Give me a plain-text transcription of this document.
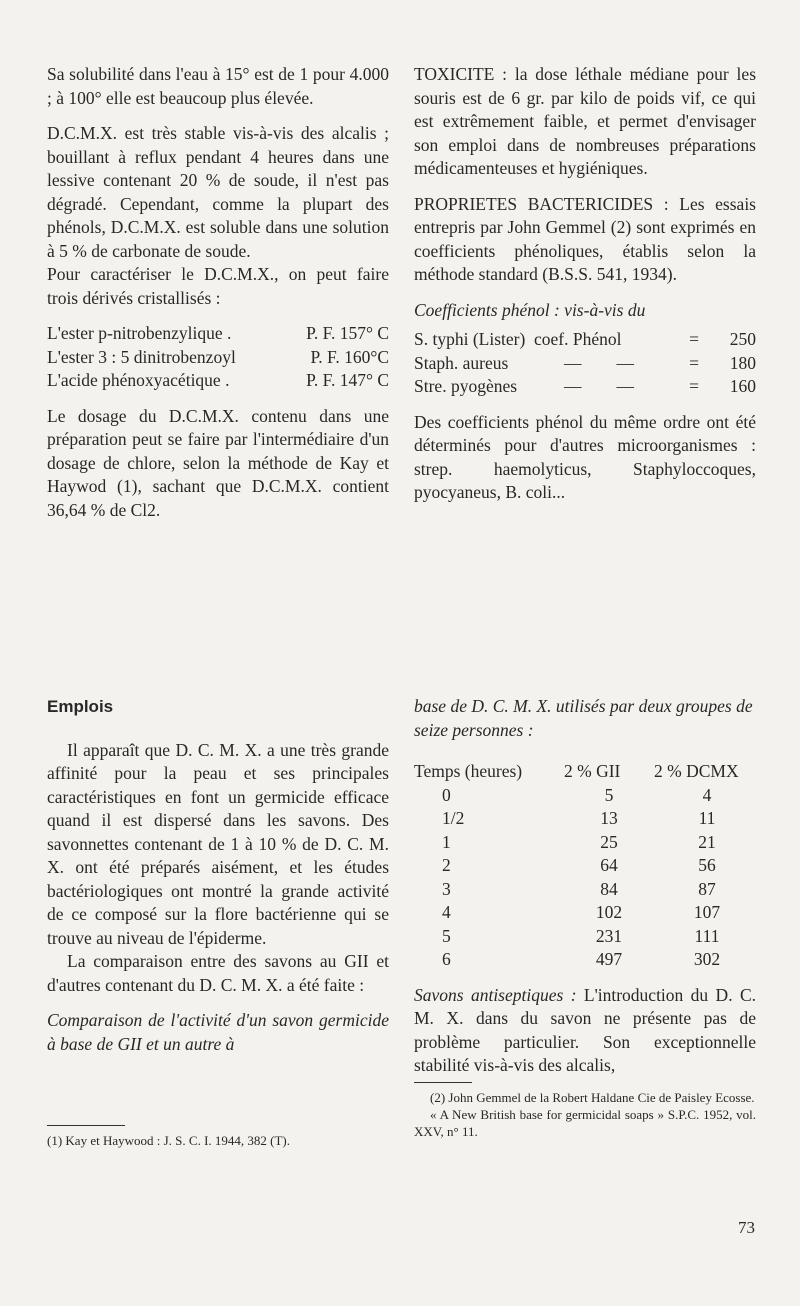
Sa solubilité dans l'eau à 15° est de 1 pour 4.000 ; à 100° elle est beaucoup plus élevée.

D.C.M.X. est très stable vis-à-vis des alcalis ; bouillant à reflux pendant 4 heures dans une lessive contenant 20 % de soude, il n'est pas dégradé. Cependant, comme la plupart des phénols, D.C.M.X. est soluble dans une solution à 5 % de carbonate de soude.

Pour caractériser le D.C.M.X., on peut faire trois dérivés cristallisés :

L'ester p-nitrobenzylique .	P. F. 157° C
L'ester 3 : 5 dinitrobenzoyl	P. F. 160°C
L'acide phénoxyacétique .	P. F. 147° C

Le dosage du D.C.M.X. contenu dans une préparation peut se faire par l'intermédiaire d'un dosage de chlore, selon la méthode de Kay et Haywod (1), sachant que D.C.M.X. contient 36,64 % de Cl2.

TOXICITE : la dose léthale médiane pour les souris est de 6 gr. par kilo de poids vif, ce qui est extrêmement faible, et permet d'envisager son emploi dans de nombreuses préparations médicamenteuses et hygiéniques.

PROPRIETES BACTERICIDES : Les essais entrepris par John Gemmel (2) sont exprimés en coefficients phénoliques, établis selon la méthode standard (B.S.S. 541, 1934).

Coefficients phénol : vis-à-vis du

S. typhi (Lister) coef. Phénol	=	250
Staph. aureus	—        —	=	180
Stre. pyogènes	—        —	=	160

Des coefficients phénol du même ordre ont été déterminés pour d'autres microorganismes : strep. haemolyticus, Staphyloccoques, pyocyaneus, B. coli...

Emplois

Il apparaît que D. C. M. X. a une très grande affinité pour la peau et ses principales caractéristiques en font un germicide efficace quand il est dispersé dans les savons. Des savonnettes contenant de 1 à 10 % de D. C. M. X. ont été préparés aisément, et les études bactériologiques ont montré la grande activité de ce composé sur la flore bactérienne qui se trouve au niveau de l'épiderme.

La comparaison entre des savons au GII et d'autres contenant du D. C. M. X. a été faite :

Comparaison de l'activité d'un savon germicide à base de GII et un autre à

(1) Kay et Haywood : J. S. C. I. 1944, 382 (T).

base de D. C. M. X. utilisés par deux groupes de seize personnes :

Temps (heures)	2 % GII	2 % DCMX
0	5	4
1/2	13	11
1	25	21
2	64	56
3	84	87
4	102	107
5	231	111
6	497	302

Savons antiseptiques : L'introduction du D. C. M. X. dans du savon ne présente pas de problème particulier. Son exceptionnelle stabilité vis-à-vis des alcalis,

(2) John Gemmel de la Robert Haldane Cie de Paisley Ecosse.

« A New British base for germicidal soaps » S.P.C. 1952, vol. XXV, n° 11.

73
